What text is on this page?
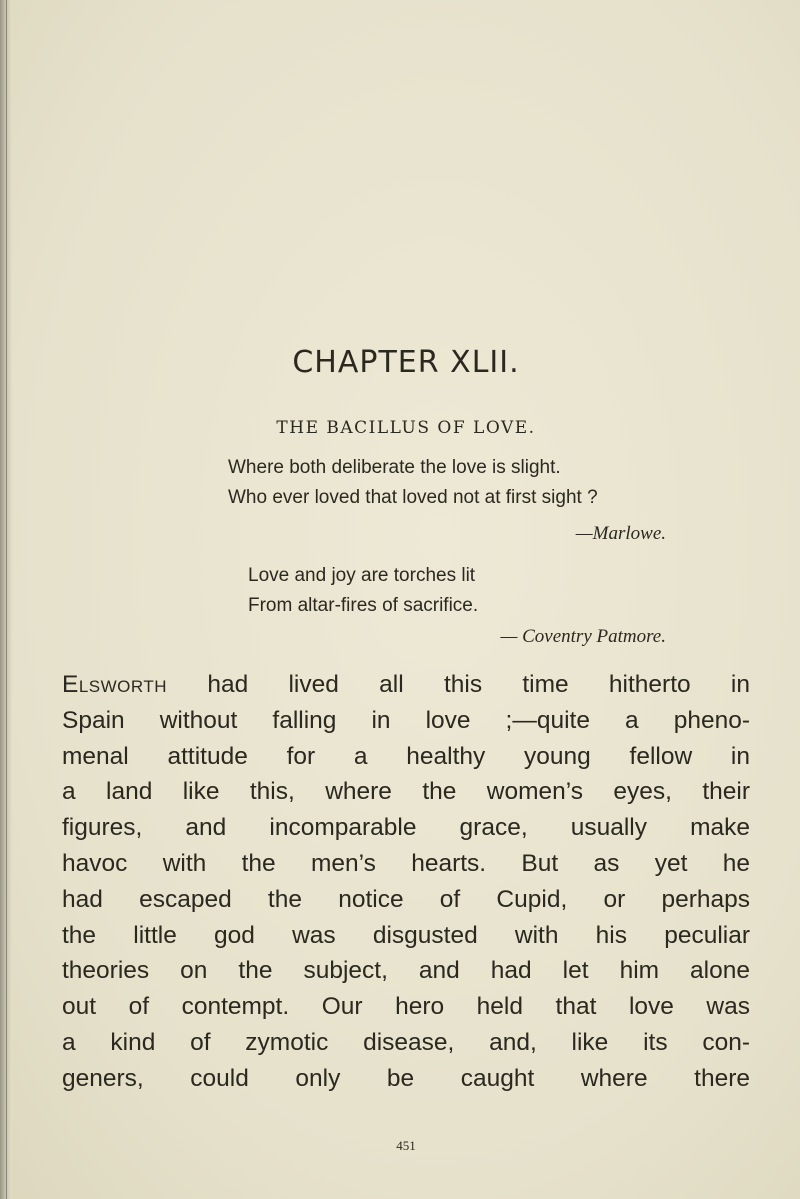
CHAPTER XLII.
THE BACILLUS OF LOVE.
Where both deliberate the love is slight.
Who ever loved that loved not at first sight ?
—Marlowe.
Love and joy are torches lit
From altar-fires of sacrifice.
— Coventry Patmore.
Elsworth had lived all this time hitherto in
Spain without falling in love ;—quite a pheno-
menal attitude for a healthy young fellow in
a land like this, where the women’s eyes, their
figures, and incomparable grace, usually make
havoc with the men’s hearts. But as yet he
had escaped the notice of Cupid, or perhaps
the little god was disgusted with his peculiar
theories on the subject, and had let him alone
out of contempt. Our hero held that love was
a kind of zymotic disease, and, like its con-
geners, could only be caught where there
451
